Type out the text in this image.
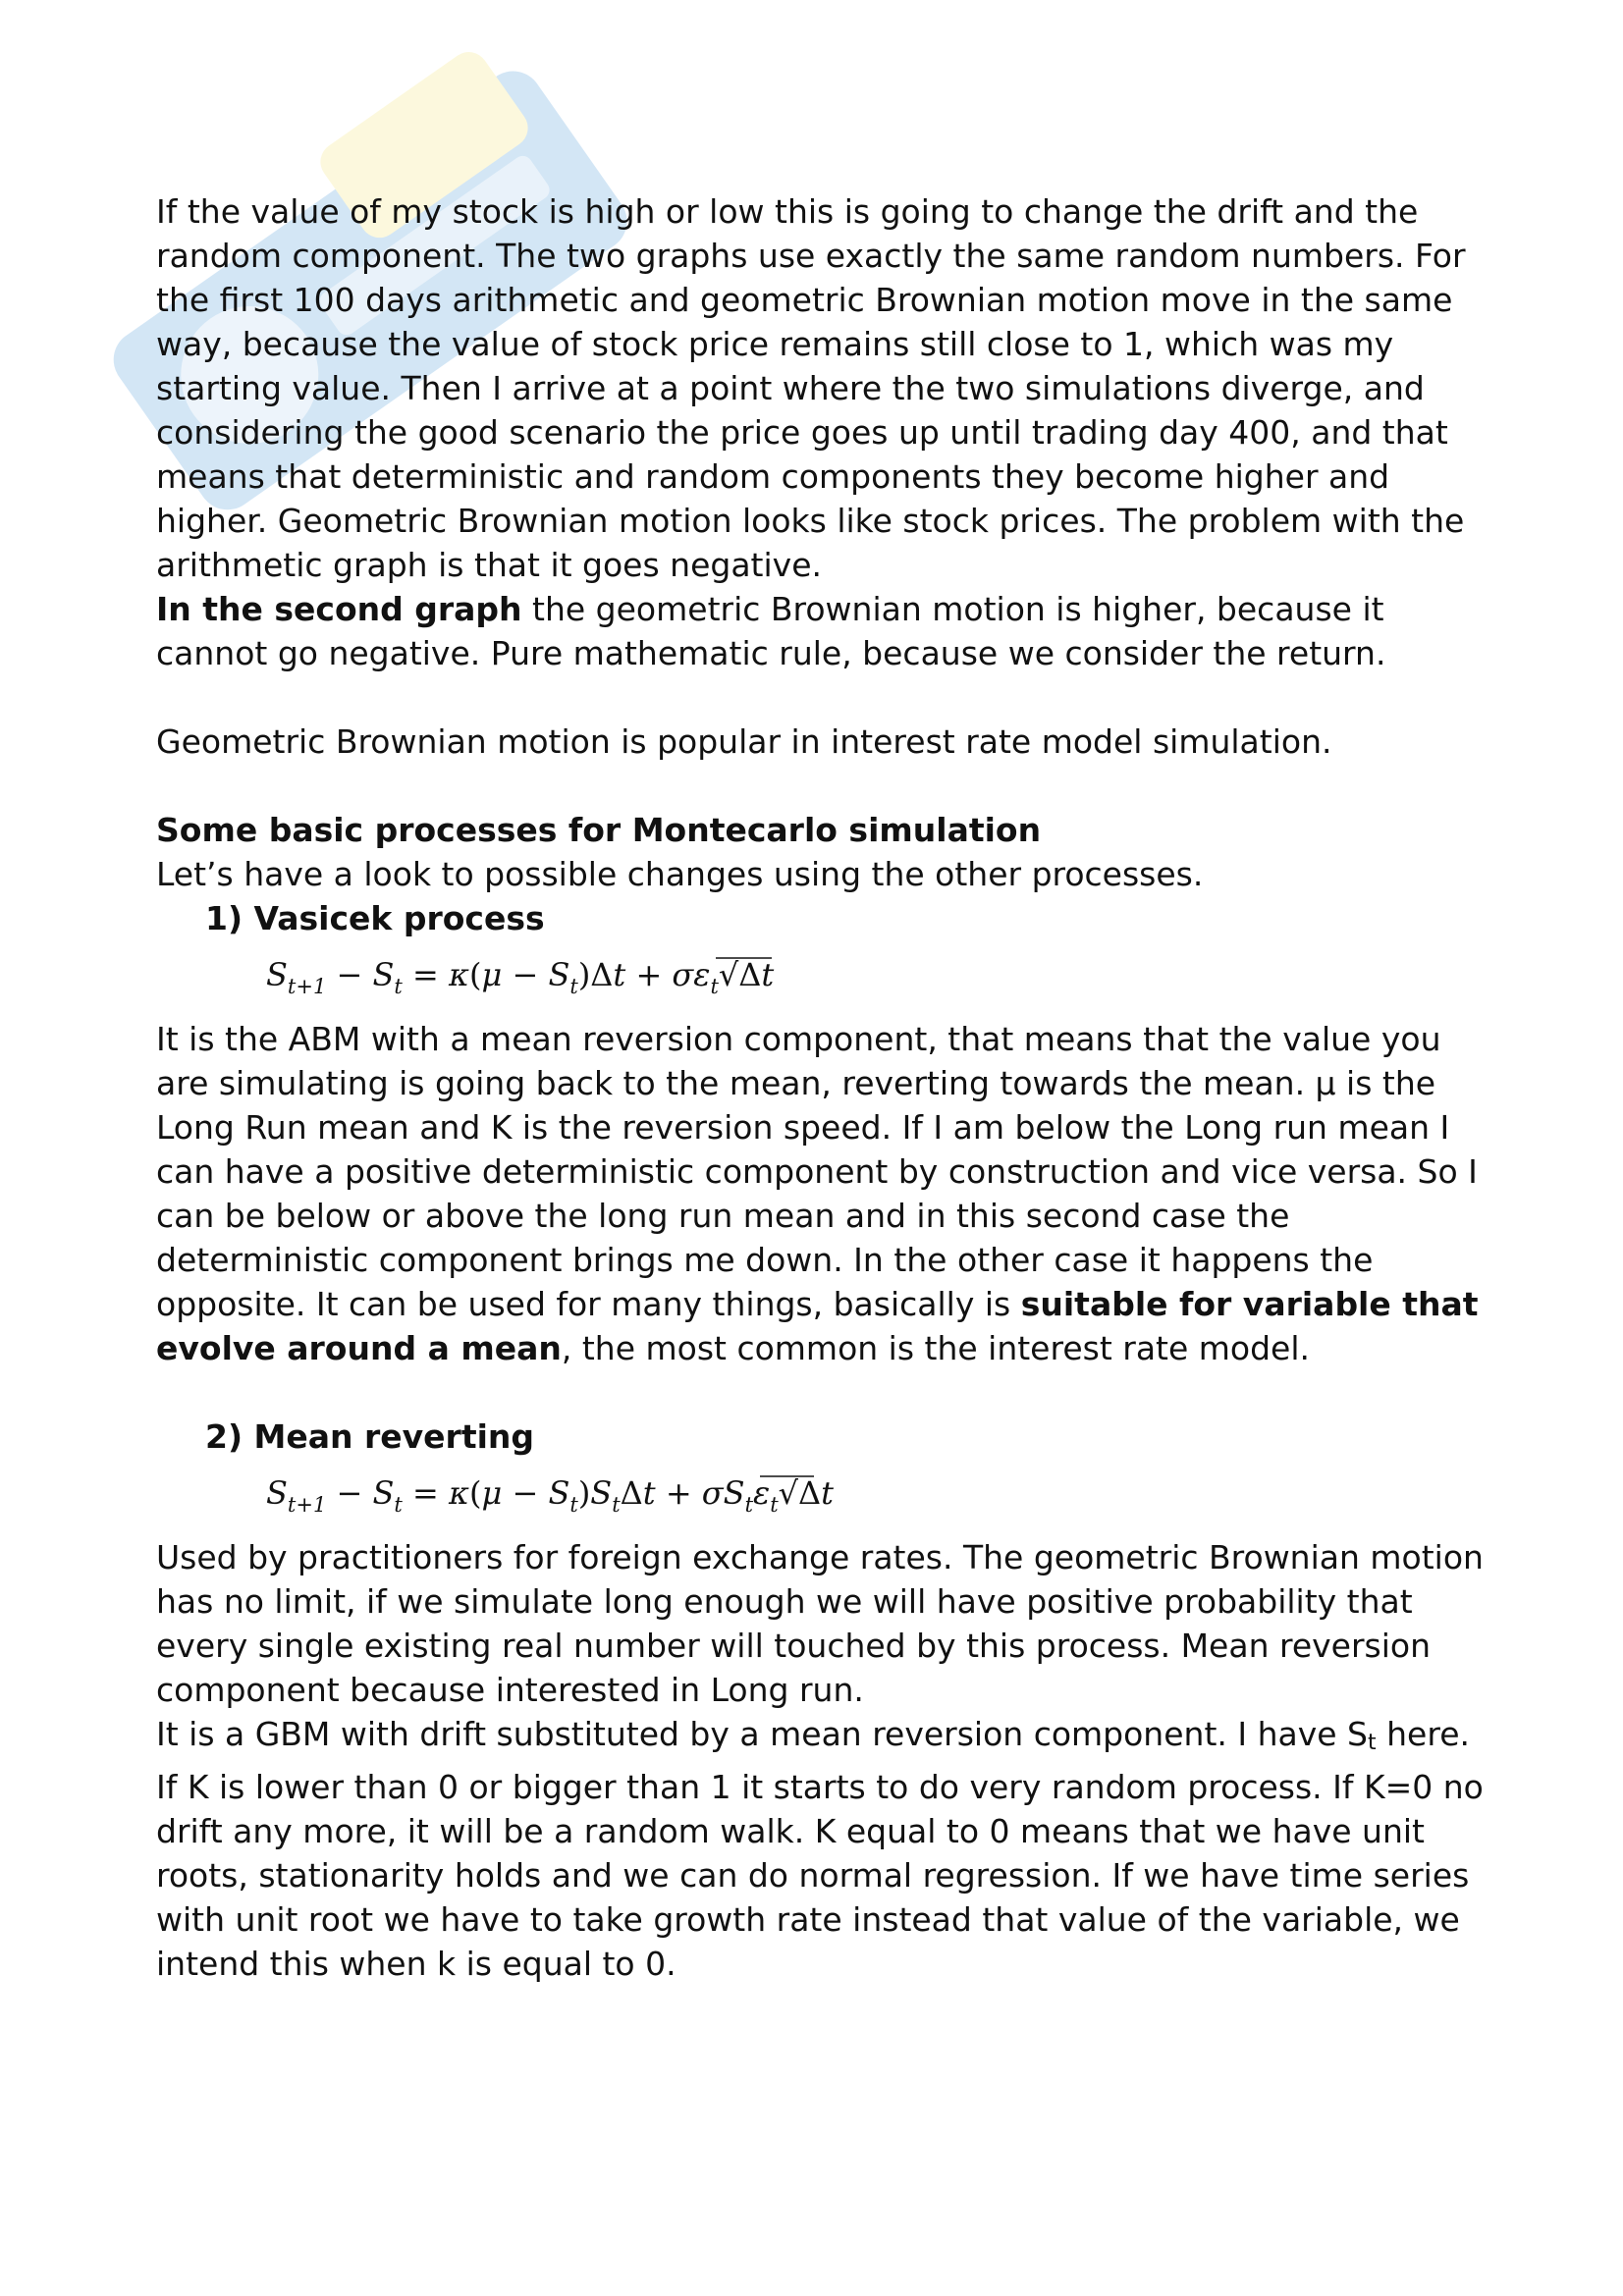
If the value of my stock is high or low this is going to change the drift and the random component. The two graphs use exactly the same random numbers. For the first 100 days arithmetic and geometric Brownian motion move in the same way, because the value of stock price remains still close to 1, which was my starting value. Then I arrive at a point where the two simulations diverge, and considering the good scenario the price goes up until trading day 400, and that means that deterministic and random components they become higher and higher. Geometric Brownian motion looks like stock prices. The problem with the arithmetic graph is that it goes negative.

In the second graph the geometric Brownian motion is higher, because it cannot go negative. Pure mathematic rule, because we consider the return.

Geometric Brownian motion is popular in interest rate model simulation.

Some basic processes for Montecarlo simulation

Let’s have a look to possible changes using the other processes.

1) Vasicek process

$S_{t+1} - S_t = \kappa(\mu - S_t)\Delta t + \sigma\varepsilon_t√\Delta t$

It is the ABM with a mean reversion component, that means that the value you are simulating is going back to the mean, reverting towards the mean. μ is the Long Run mean and K is the reversion speed. If I am below the Long run mean I can have a positive deterministic component by construction and vice versa. So I can be below or above the long run mean and in this second case the deterministic component brings me down. In the other case it happens the opposite. It can be used for many things, basically is suitable for variable that evolve around a mean, the most common is the interest rate model.

2) Mean reverting

$S_{t+1} - S_t = \kappa(\mu - S_t)S_t\Delta t + \sigma S_t\varepsilon_t√\Delta t$

Used by practitioners for foreign exchange rates. The geometric Brownian motion has no limit, if we simulate long enough we will have positive probability that every single existing real number will touched by this process. Mean reversion component because interested in Long run.

It is a GBM with drift substituted by a mean reversion component. I have St here. If K is lower than 0 or bigger than 1 it starts to do very random process. If K=0 no drift any more, it will be a random walk. K equal to 0 means that we have unit roots, stationarity holds and we can do normal regression. If we have time series with unit root we have to take growth rate instead that value of the variable, we intend this when k is equal to 0.
